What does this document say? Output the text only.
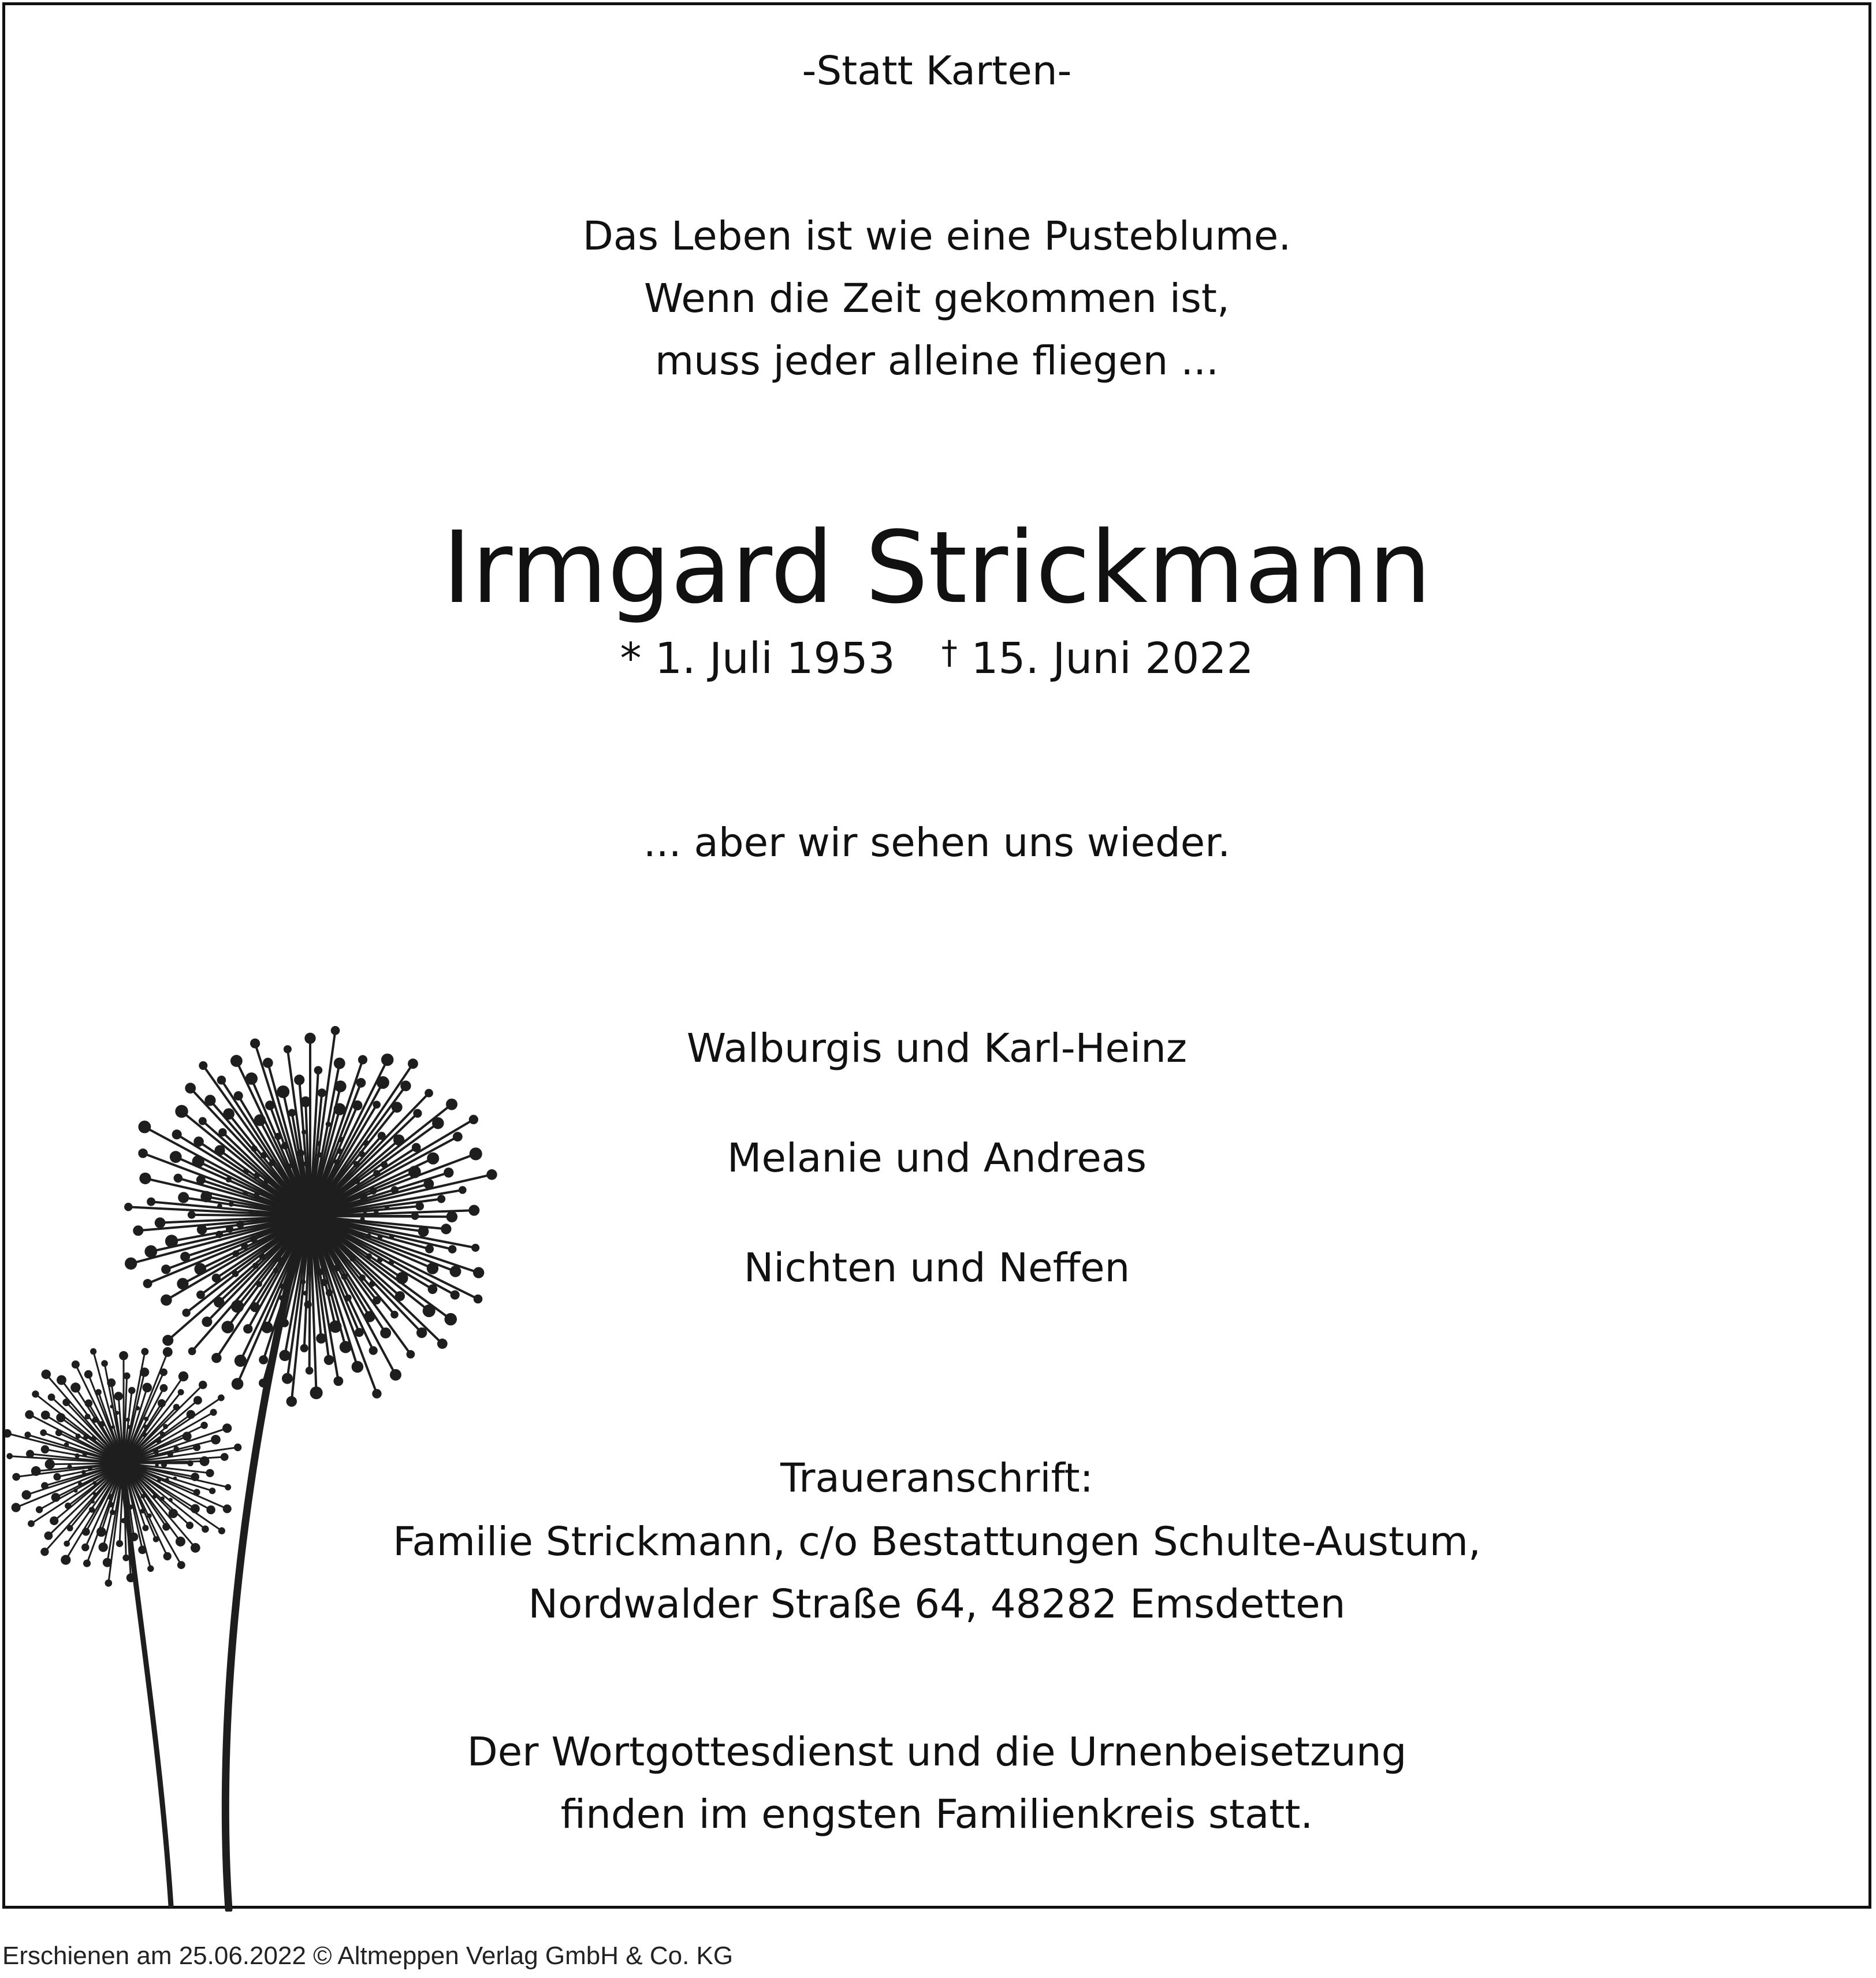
-Statt Karten-
Das Leben ist wie eine Pusteblume.
Wenn die Zeit gekommen ist,
muss jeder alleine fliegen ...
Irmgard Strickmann
* 1. Juli 1953 † 15. Juni 2022
... aber wir sehen uns wieder.
Walburgis und Karl-Heinz
Melanie und Andreas
Nichten und Neffen
Traueranschrift:
Familie Strickmann, c/o Bestattungen Schulte-Austum,
Nordwalder Straße 64, 48282 Emsdetten
Der Wortgottesdienst und die Urnenbeisetzung
finden im engsten Familienkreis statt.
Erschienen am 25.06.2022 © Altmeppen Verlag GmbH & Co. KG
